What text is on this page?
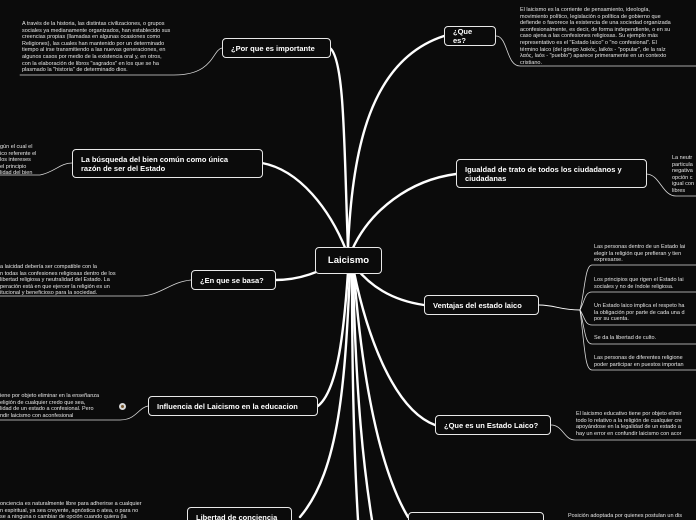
Laicismo
¿Por que es importante
A través de la historia, las distintas civilizaciones, o grupos
sociales ya medianamente organizados, han establecido sus
creencias propias (llamadas en algunas ocasiones como
Religiones), las cuales han mantenido por un determinado
tiempo al irse transmitiendo a las nuevas generaciones, en
algunos casos por medio de la existencia oral y, en otros,
con la elaboración de libros "sagrados" en los que se ha
plasmado la "historia" de determinado dios.
La búsqueda del bien común como única
razón de ser del Estado
gún el cual el
ico referente el
los intereses
el principio
lidad del bien
¿En que se basa?
a laicidad debería ser compatible con la
n todas las confesiones religiosas dentro de los
libertad religiosa y neutralidad del Estado. La
peración está en que ejercer la religión es un
itucional y beneficioso para la sociedad.
Influencia del Laicismo en la educacion
iene por objeto eliminar en la enseñanza
eligión de cualquier credo que sea,
lidad de un estado a confesional. Pero
ndir laicismo con aconfesional
Libertad de conciencia
onciencia es naturalmente libre para adherirse a cualquier
n espiritual, ya sea creyente, agnóstica o atea, o para no
se a ninguna o cambiar de opción cuando quiera (la
¿Que es?
El laicismo es la corriente de pensamiento, ideología,
movimiento político, legislación o política de gobierno que
defiende o favorece la existencia de una sociedad organizada
aconfesionalmente, es decir, de forma independiente, o en su
caso ajena a las confesiones religiosas. Su ejemplo más
representativo es el "Estado laico" o "no confesional". El
término laico (del griego λαϊκός, laikós - "popular", de la raíz
λαός, laós - "pueblo") aparece primeramente en un contexto
cristiano.
Igualdad de trato de todos los ciudadanos y
ciudadanas
La neutr
particula
negativa
opción c
igual con
libres
Ventajas del estado laico
Las personas dentro de un Estado lai
elegir la religión que prefieran y tien
expresarse.
Los principios que rigen el Estado lai
sociales y no de índole religiosa.
Un Estado laico implica el respeto ha
la obligación por parte de cada una d
por su cuenta.
Se da la libertad de culto.
Las personas de diferentes religione
poder participar en puestos importan
¿Que es un Estado Laico?
El laicismo educativo tiene por objeto elimir
todo lo relativo a la religión de cualquier cre
apoyándose en la legalidad de un estado a
hay un error en confundir laicismo con acor
Posición adoptada por quienes postulan un dis
